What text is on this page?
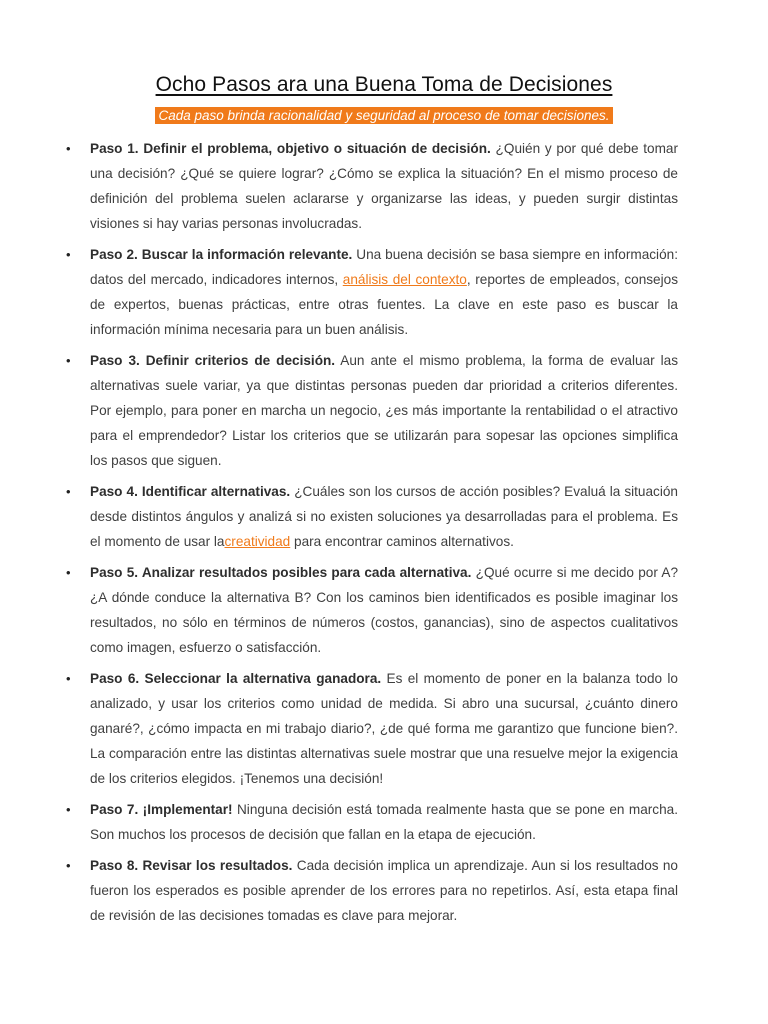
Ocho Pasos ara una Buena Toma de Decisiones
Cada paso brinda racionalidad y seguridad al proceso de tomar decisiones.
• Paso 1. Definir el problema, objetivo o situación de decisión. ¿Quién y por qué debe tomar una decisión? ¿Qué se quiere lograr? ¿Cómo se explica la situación? En el mismo proceso de definición del problema suelen aclararse y organizarse las ideas, y pueden surgir distintas visiones si hay varias personas involucradas.
• Paso 2. Buscar la información relevante. Una buena decisión se basa siempre en información: datos del mercado, indicadores internos, análisis del contexto, reportes de empleados, consejos de expertos, buenas prácticas, entre otras fuentes. La clave en este paso es buscar la información mínima necesaria para un buen análisis.
• Paso 3. Definir criterios de decisión. Aun ante el mismo problema, la forma de evaluar las alternativas suele variar, ya que distintas personas pueden dar prioridad a criterios diferentes. Por ejemplo, para poner en marcha un negocio, ¿es más importante la rentabilidad o el atractivo para el emprendedor? Listar los criterios que se utilizarán para sopesar las opciones simplifica los pasos que siguen.
• Paso 4. Identificar alternativas. ¿Cuáles son los cursos de acción posibles? Evaluá la situación desde distintos ángulos y analizá si no existen soluciones ya desarrolladas para el problema. Es el momento de usar lacreatividad para encontrar caminos alternativos.
• Paso 5. Analizar resultados posibles para cada alternativa. ¿Qué ocurre si me decido por A? ¿A dónde conduce la alternativa B? Con los caminos bien identificados es posible imaginar los resultados, no sólo en términos de números (costos, ganancias), sino de aspectos cualitativos como imagen, esfuerzo o satisfacción.
• Paso 6. Seleccionar la alternativa ganadora. Es el momento de poner en la balanza todo lo analizado, y usar los criterios como unidad de medida. Si abro una sucursal, ¿cuánto dinero ganaré?, ¿cómo impacta en mi trabajo diario?, ¿de qué forma me garantizo que funcione bien?. La comparación entre las distintas alternativas suele mostrar que una resuelve mejor la exigencia de los criterios elegidos. ¡Tenemos una decisión!
• Paso 7. ¡Implementar! Ninguna decisión está tomada realmente hasta que se pone en marcha. Son muchos los procesos de decisión que fallan en la etapa de ejecución.
• Paso 8. Revisar los resultados. Cada decisión implica un aprendizaje. Aun si los resultados no fueron los esperados es posible aprender de los errores para no repetirlos. Así, esta etapa final de revisión de las decisiones tomadas es clave para mejorar.
